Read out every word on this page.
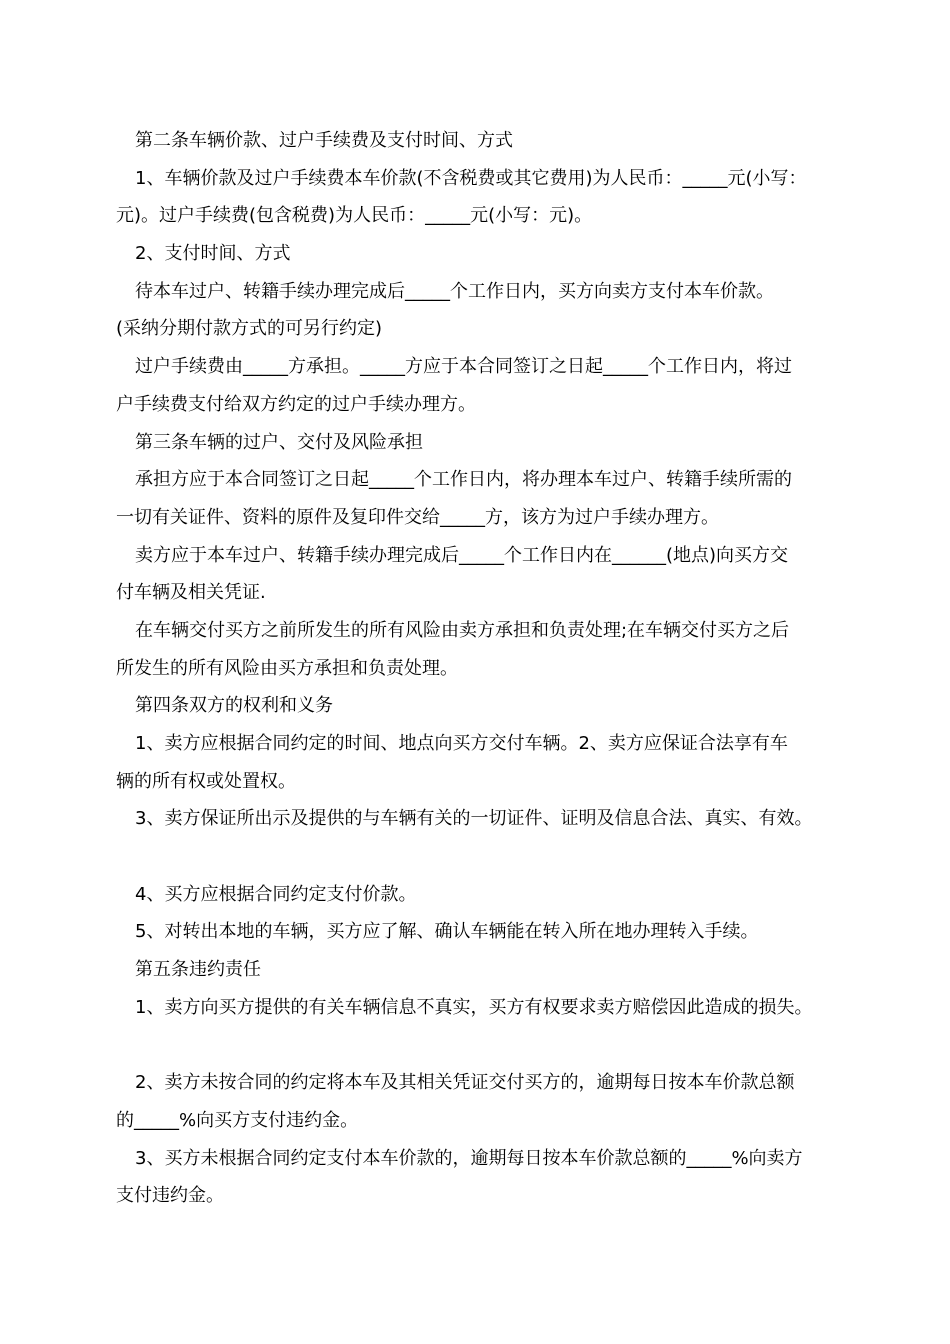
第二条车辆价款、过户手续费及支付时间、方式
1、车辆价款及过户手续费本车价款(不含税费或其它费用)为人民币：_____元(小写：
元)。过户手续费(包含税费)为人民币：_____元(小写：元)。
2、支付时间、方式
待本车过户、转籍手续办理完成后_____个工作日内，买方向卖方支付本车价款。
(采纳分期付款方式的可另行约定)
过户手续费由_____方承担。_____方应于本合同签订之日起_____个工作日内，将过
户手续费支付给双方约定的过户手续办理方。
第三条车辆的过户、交付及风险承担
承担方应于本合同签订之日起_____个工作日内，将办理本车过户、转籍手续所需的
一切有关证件、资料的原件及复印件交给_____方，该方为过户手续办理方。
卖方应于本车过户、转籍手续办理完成后_____个工作日内在______(地点)向买方交
付车辆及相关凭证.
在车辆交付买方之前所发生的所有风险由卖方承担和负责处理;在车辆交付买方之后
所发生的所有风险由买方承担和负责处理。
第四条双方的权利和义务
1、卖方应根据合同约定的时间、地点向买方交付车辆。2、卖方应保证合法享有车
辆的所有权或处置权。
3、卖方保证所出示及提供的与车辆有关的一切证件、证明及信息合法、真实、有效。
4、买方应根据合同约定支付价款。
5、对转出本地的车辆，买方应了解、确认车辆能在转入所在地办理转入手续。
第五条违约责任
1、卖方向买方提供的有关车辆信息不真实，买方有权要求卖方赔偿因此造成的损失。
2、卖方未按合同的约定将本车及其相关凭证交付买方的，逾期每日按本车价款总额
的_____%向买方支付违约金。
3、买方未根据合同约定支付本车价款的，逾期每日按本车价款总额的_____%向卖方
支付违约金。
